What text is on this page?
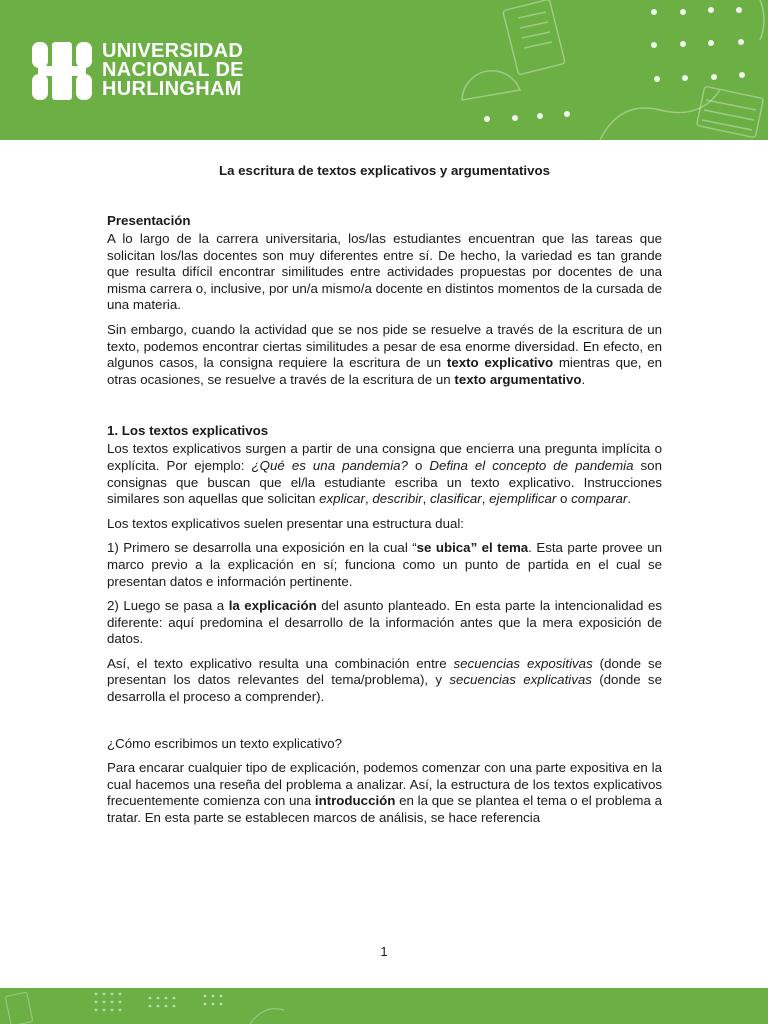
UNIVERSIDAD
NACIONAL DE
HURLINGHAM
La escritura de textos explicativos y argumentativos
Presentación

A lo largo de la carrera universitaria, los/las estudiantes encuentran que las tareas que solicitan los/las docentes son muy diferentes entre sí. De hecho, la variedad es tan grande que resulta difícil encontrar similitudes entre actividades propuestas por docentes de una misma carrera o, inclusive, por un/a mismo/a docente en distintos momentos de la cursada de una materia.

Sin embargo, cuando la actividad que se nos pide se resuelve a través de la escritura de un texto, podemos encontrar ciertas similitudes a pesar de esa enorme diversidad. En efecto, en algunos casos, la consigna requiere la escritura de un texto explicativo mientras que, en otras ocasiones, se resuelve a través de la escritura de un texto argumentativo.

1. Los textos explicativos

Los textos explicativos surgen a partir de una consigna que encierra una pregunta implícita o explícita. Por ejemplo: ¿Qué es una pandemia? o Defina el concepto de pandemia son consignas que buscan que el/la estudiante escriba un texto explicativo. Instrucciones similares son aquellas que solicitan explicar, describir, clasificar, ejemplificar o comparar.

Los textos explicativos suelen presentar una estructura dual:

1) Primero se desarrolla una exposición en la cual “se ubica” el tema. Esta parte provee un marco previo a la explicación en sí; funciona como un punto de partida en el cual se presentan datos e información pertinente.

2) Luego se pasa a la explicación del asunto planteado. En esta parte la intencionalidad es diferente: aquí predomina el desarrollo de la información antes que la mera exposición de datos.

Así, el texto explicativo resulta una combinación entre secuencias expositivas (donde se presentan los datos relevantes del tema/problema), y secuencias explicativas (donde se desarrolla el proceso a comprender).

¿Cómo escribimos un texto explicativo?

Para encarar cualquier tipo de explicación, podemos comenzar con una parte expositiva en la cual hacemos una reseña del problema a analizar. Así, la estructura de los textos explicativos frecuentemente comienza con una introducción en la que se plantea el tema o el problema a tratar. En esta parte se establecen marcos de análisis, se hace referencia

1
